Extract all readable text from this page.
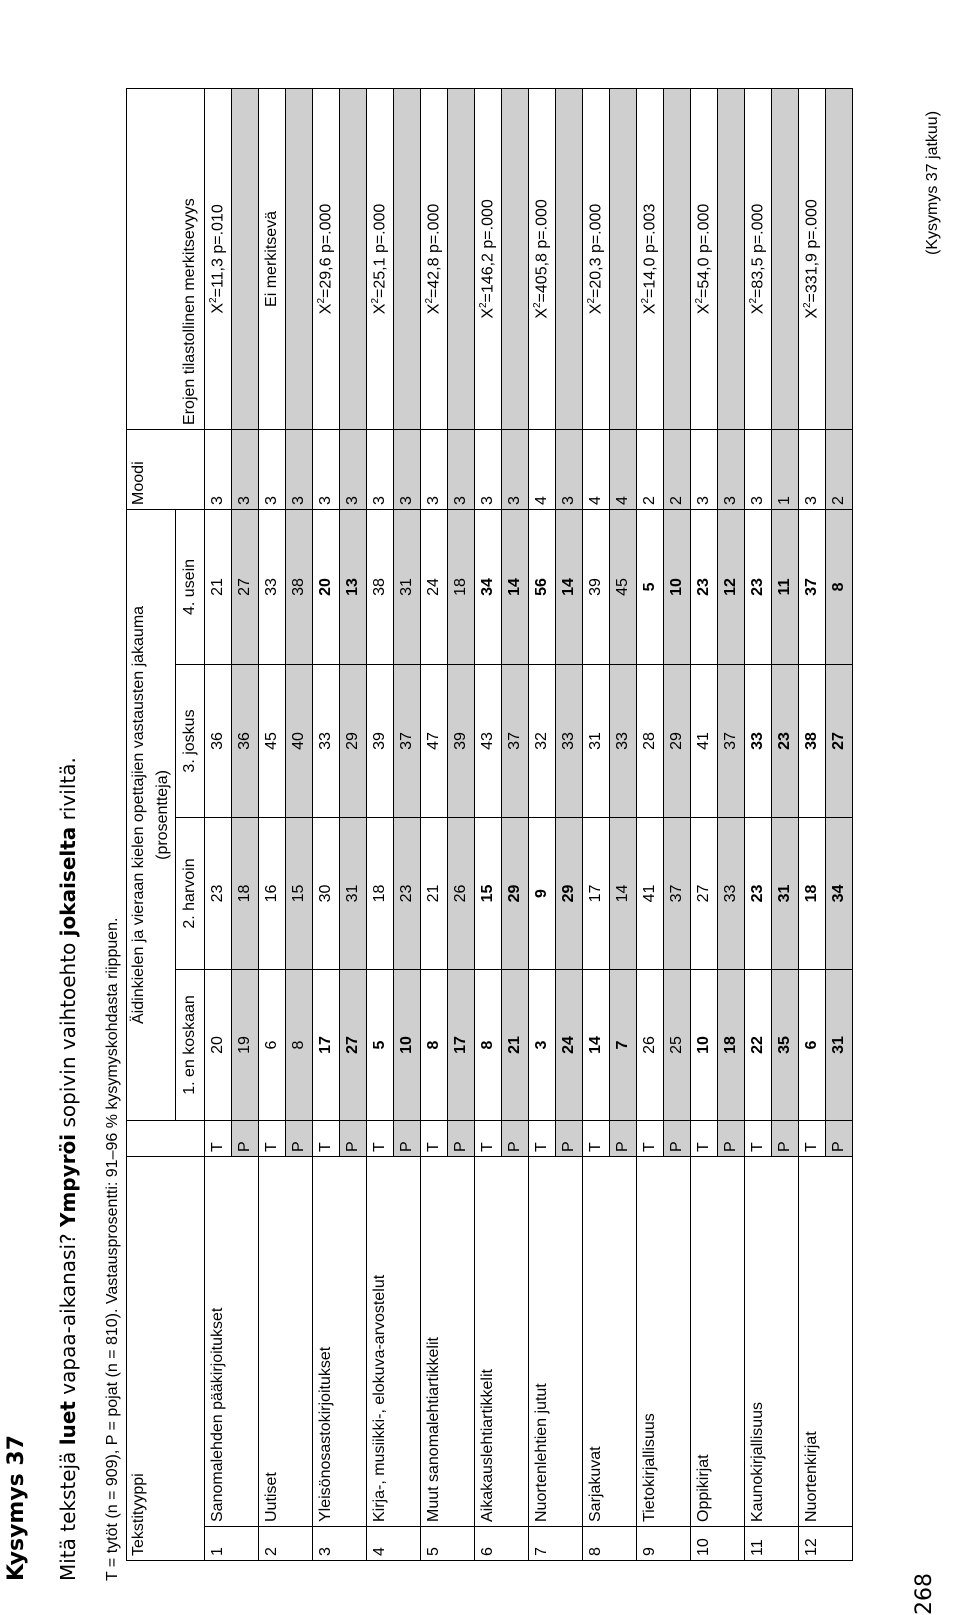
268
Kysymys 37 Mitä tekstejä luet vapaa-aikanasi? Ympyröi sopivin vaihtoehto jokaiselta riviltä.
T = tytöt (n = 909), P = pojat (n = 810). Vastausprosentti: 91–96 % kysymyskohdasta riippuen. Tekstityyppi			Äidinkielen ja vieraan kielen opettajien vastausten jakauma				Moodi	
			(prosentteja)					
			1. en koskaan	2. harvoin	3. joskus	4. usein		Erojen tilastollinen merkitsevyys
1	Sanomalehden pääkirjoitukset	T	20	23	36	21	3	$X^2=11,3$ p=.010
		P	19	18	36	27	3	
2	Uutiset	T	6	16	45	33	3	Ei merkitsevä
		P	8	15	40	38	3	
3	Yleisönosastokirjoitukset	T	17	30	33	20	3	$X^2=29,6$ p=.000
		P	27	31	29	13	3	
4	Kirja-, musiikki-, elokuva-arvostelut	T	5	18	39	38	3	$X^2=25,1$ p=.000
		P	10	23	37	31	3	
5	Muut sanomalehtiartikkelit	T	8	21	47	24	3	$X^2=42,8$ p=.000
		P	17	26	39	18	3	
6	Aikakauslehtiartikkelit	T	8	15	43	34	3	$X^2=146,2$ p=.000
		P	21	29	37	14	3	
7	Nuortenlehtien jutut	T	3	9	32	56	4	$X^2=405,8$ p=.000
		P	24	29	33	14	3	
8	Sarjakuvat	T	14	17	31	39	4	$X^2=20,3$ p=.000
		P	7	14	33	45	4	
9	Tietokirjallisuus	T	26	41	28	5	2	$X^2=14,0$ p=.003
		P	25	37	29	10	2	
10	Oppikirjat	T	10	27	41	23	3	$X^2=54,0$ p=.000
		P	18	33	37	12	3	
11	Kaunokirjallisuus	T	22	23	33	23	3	$X^2=83,5$ p=.000
		P	35	31	23	11	1	
12	Nuortenkirjat	T	6	18	38	37	3	$X^2=331,9$ p=.000
		P	31	34	27	8	2	
(Kysymys 37 jatkuu)
